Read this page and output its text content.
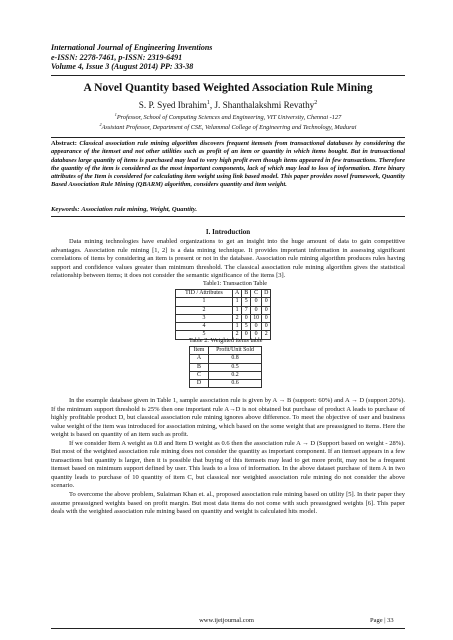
International Journal of Engineering Inventions
e-ISSN: 2278-7461, p-ISSN: 2319-6491
Volume 4, Issue 3 (August 2014) PP: 33-38
A Novel Quantity based Weighted Association Rule Mining
S. P. Syed Ibrahim$^1$, J. Shanthalakshmi Revathy$^2$
$^1$Professor, School of Computing Sciences and Engineering, VIT University, Chennai -127
$^2$Assistant Professor, Department of CSE, Velammal College of Engineering and Technology, Madurai
Abstract: Classical association rule mining algorithm discovers frequent itemsets from transactional databases by considering the appearance of the itemset and not other utilities such as profit of an item or quantity in which items bought. But in transactional databases large quantity of items is purchased may lead to very high profit even though items appeared in few transactions. Therefore the quantity of the item is considered as the most important components, lack of which may lead to loss of information. Here binary attributes of the Item is considered for calculating item weight using link based model. This paper provides novel framework, Quantity Based Association Rule Mining (QBARM) algorithm, considers quantity and item weight.
Keywords: Association rule mining, Weight, Quantity.
I. Introduction

Data mining technologies have enabled organizations to get an insight into the huge amount of data to gain competitive advantages. Association rule mining [1, 2] is a data mining technique. It provides important information in assessing significant correlations of items by considering an item is present or not in the database. Association rule mining algorithm produces rules having support and confidence values greater than minimum threshold. The classical association rule mining algorithm gives the statistical relationship between items; it does not consider the semantic significance of the items [3].

Table1: Transaction Table
TID / Attributes	A	B	C	D
1	1	5	0	0
2	1	7	0	0
3	2	0	10	0
4	1	5	0	0
5	2	0	0	2
Table 2: Weighted items table
Item	Profit/Unit Sold
A	0.8
B	0.5
C	0.2
D	0.6

In the example database given in Table 1, sample association rule is given by A → B (support: 60%) and A → D (support 20%). If the minimum support threshold is 25% then one important rule A→D is not obtained but purchase of product A leads to purchase of highly profitable product D, but classical association rule mining ignores above difference. To meet the objective of user and business value weight of the item was introduced for association mining, which based on the some weight that are preassigned to items. Here the weight is based on quantity of an item such as profit.

If we consider Item A weight as 0.8 and Item D weight as 0.6 then the association rule A → D (Support based on weight - 28%). But most of the weighted association rule mining does not consider the quantity as important component. If an itemset appears in a few transactions but quantity is larger, then it is possible that buying of this itemsets may lead to get more profit, may not be a frequent itemset based on minimum support defined by user. This leads to a loss of information. In the above dataset purchase of item A in two quantity leads to purchase of 10 quantity of item C, but classical nor weighted association rule mining do not consider the above scenario.

To overcome the above problem, Sulaiman Khan et. al., proposed association rule mining based on utility [5]. In their paper they assume preassigned weights based on profit margin. But most data items do not come with such preassigned weights [6]. This paper deals with the weighted association rule mining based on quantity and weight is calculated hits model.

www.ijeijournal.com	Page | 33
